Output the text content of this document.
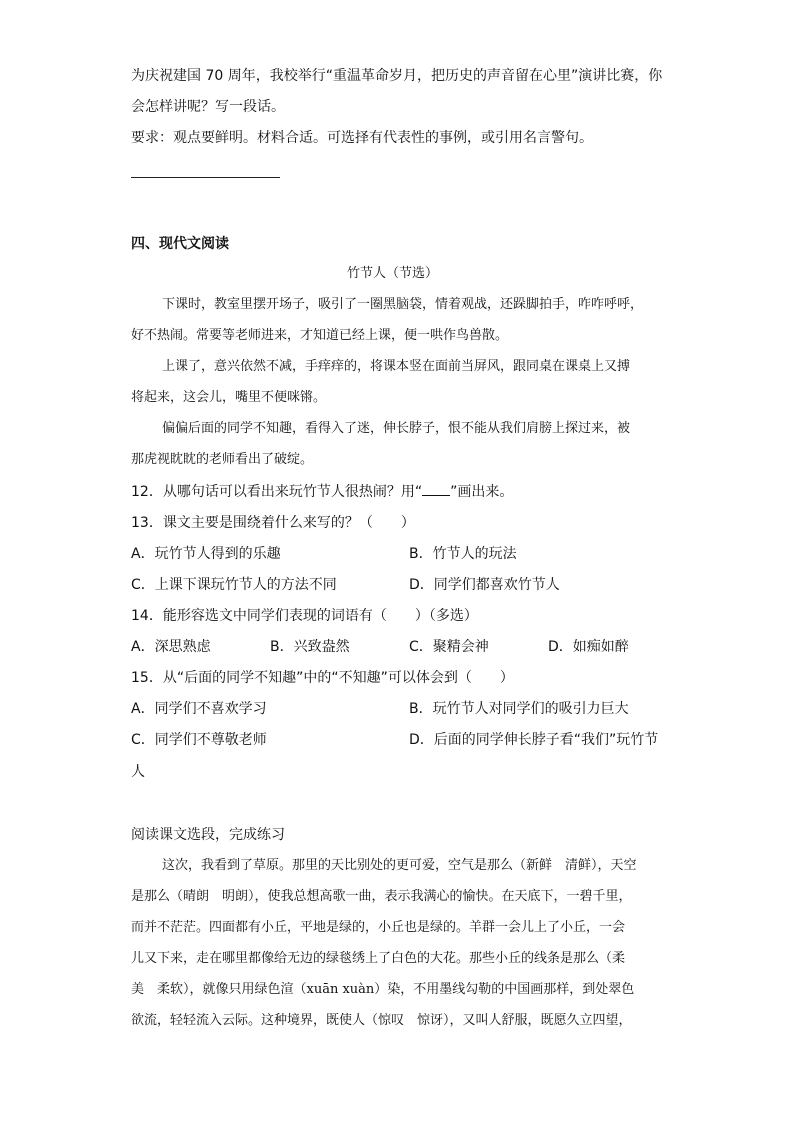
为庆祝建国 70 周年，我校举行“重温革命岁月，把历史的声音留在心里”演讲比赛，你
会怎样讲呢？写一段话。
要求：观点要鲜明。材料合适。可选择有代表性的事例，或引用名言警句。
四、现代文阅读
竹节人（节选）
下课时，教室里摆开场子，吸引了一圈黑脑袋，情着观战，还跺脚拍手，咋咋呼呼，
好不热闹。常要等老师进来，才知道已经上课，便一哄作鸟兽散。
上课了，意兴依然不减，手痒痒的，将课本竖在面前当屏风，跟同桌在课桌上又搏
将起来，这会儿，嘴里不便咪锵。
偏偏后面的同学不知趣，看得入了迷，伸长脖子，恨不能从我们肩膀上探过来，被
那虎视眈眈的老师看出了破绽。
12．从哪句话可以看出来玩竹节人很热闹？用“ ”画出来。
13．课文主要是围绕着什么来写的？（　　）
A．玩竹节人得到的乐趣	B．竹节人的玩法
C．上课下课玩竹节人的方法不同	D．同学们都喜欢竹节人
14．能形容选文中同学们表现的词语有（　　）（多选）
A．深思熟虑	B．兴致盎然	C．聚精会神	D．如痴如醉
15．从“后面的同学不知趣”中的“不知趣”可以体会到（　　）
A．同学们不喜欢学习	B．玩竹节人对同学们的吸引力巨大
C．同学们不尊敬老师	D．后面的同学伸长脖子看“我们”玩竹节
人
阅读课文选段，完成练习
这次，我看到了草原。那里的天比别处的更可爱，空气是那么（新鲜　清鲜），天空
是那么（晴朗　明朗），使我总想高歌一曲，表示我满心的愉快。在天底下，一碧千里，
而并不茫茫。四面都有小丘，平地是绿的，小丘也是绿的。羊群一会儿上了小丘，一会
儿又下来，走在哪里都像给无边的绿毯绣上了白色的大花。那些小丘的线条是那么（柔
美　柔软），就像只用绿色渲（xuān xuàn）染，不用墨线勾勒的中国画那样，到处翠色
欲流，轻轻流入云际。这种境界，既使人（惊叹　惊讶），又叫人舒服，既愿久立四望，
